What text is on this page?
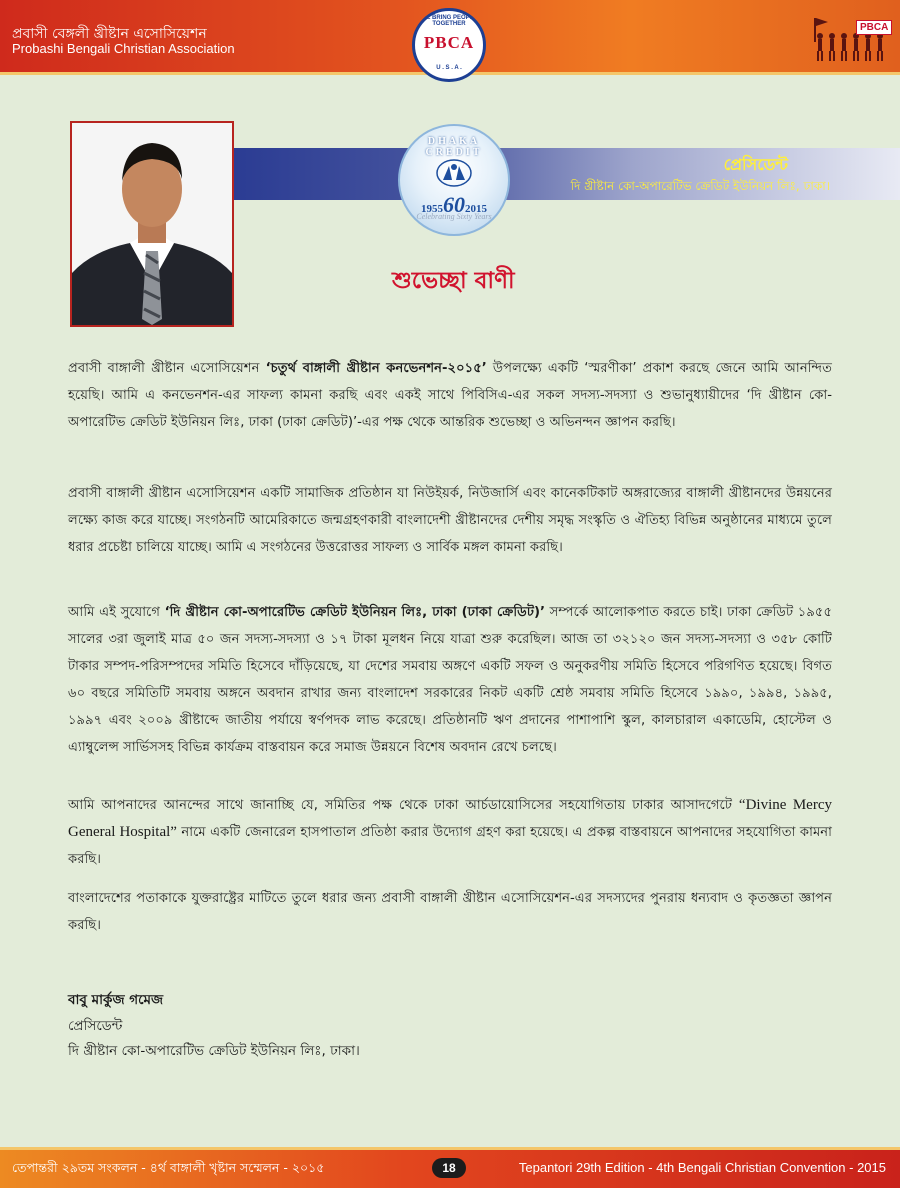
প্রবাসী বেঙ্গলী খ্রীষ্টান এসোসিয়েশন
Probashi Bengali Christian Association
WE BRING PEOPLE TOGETHER
PBCA
U . S . A .
PBCA
DHAKA CREDIT
1955602015
Celebrating Sixty Years
প্রেসিডেন্ট
দি খ্রীষ্টান কো-অপারেটিভ ক্রেডিট ইউনিয়ন লিঃ, ঢাকা।
শুভেচ্ছা বাণী

প্রবাসী বাঙ্গালী খ্রীষ্টান এসোসিয়েশন ‘চতুর্থ বাঙ্গালী খ্রীষ্টান কনভেনশন-২০১৫’ উপলক্ষ্যে একটি ‘স্মরণীকা’ প্রকাশ করছে জেনে আমি আনন্দিত হয়েছি। আমি এ কনভেনশন-এর সাফল্য কামনা করছি এবং একই সাথে পিবিসিএ-এর সকল সদস্য-সদস্যা ও শুভানুধ্যায়ীদের ‘দি খ্রীষ্টান কো-অপারেটিভ ক্রেডিট ইউনিয়ন লিঃ, ঢাকা (ঢাকা ক্রেডিট)’-এর পক্ষ থেকে আন্তরিক শুভেচ্ছা ও অভিনন্দন জ্ঞাপন করছি।

প্রবাসী বাঙ্গালী খ্রীষ্টান এসোসিয়েশন একটি সামাজিক প্রতিষ্ঠান যা নিউইয়র্ক, নিউজার্সি এবং কানেকটিকাট অঙ্গরাজ্যের বাঙ্গালী খ্রীষ্টানদের উন্নয়নের লক্ষ্যে কাজ করে যাচ্ছে। সংগঠনটি আমেরিকাতে জন্মগ্রহণকারী বাংলাদেশী খ্রীষ্টানদের দেশীয় সমৃদ্ধ সংস্কৃতি ও ঐতিহ্য বিভিন্ন অনুষ্ঠানের মাধ্যমে তুলে ধরার প্রচেষ্টা চালিয়ে যাচ্ছে। আমি এ সংগঠনের উত্তরোত্তর সাফল্য ও সার্বিক মঙ্গল কামনা করছি।

আমি এই সুযোগে ‘দি খ্রীষ্টান কো-অপারেটিভ ক্রেডিট ইউনিয়ন লিঃ, ঢাকা (ঢাকা ক্রেডিট)’ সম্পর্কে আলোকপাত করতে চাই। ঢাকা ক্রেডিট ১৯৫৫ সালের ৩রা জুলাই মাত্র ৫০ জন সদস্য-সদস্যা ও ১৭ টাকা মূলধন নিয়ে যাত্রা শুরু করেছিল। আজ তা ৩২১২০ জন সদস্য-সদস্যা ও ৩৫৮ কোটি টাকার সম্পদ-পরিসম্পদের সমিতি হিসেবে দাঁড়িয়েছে, যা দেশের সমবায় অঙ্গণে একটি সফল ও অনুকরণীয় সমিতি হিসেবে পরিগণিত হয়েছে। বিগত ৬০ বছরে সমিতিটি সমবায় অঙ্গনে অবদান রাখার জন্য বাংলাদেশ সরকারের নিকট একটি শ্রেষ্ঠ সমবায় সমিতি হিসেবে ১৯৯০, ১৯৯৪, ১৯৯৫, ১৯৯৭ এবং ২০০৯ খ্রীষ্টাব্দে জাতীয় পর্যায়ে স্বর্ণপদক লাভ করেছে। প্রতিষ্ঠানটি ঋণ প্রদানের পাশাপাশি স্কুল, কালচারাল একাডেমি, হোস্টেল ও এ্যাম্বুলেন্স সার্ভিসসহ বিভিন্ন কার্যক্রম বাস্তবায়ন করে সমাজ উন্নয়নে বিশেষ অবদান রেখে চলছে।

আমি আপনাদের আনন্দের সাথে জানাচ্ছি যে, সমিতির পক্ষ থেকে ঢাকা আর্চডায়োসিসের সহযোগিতায় ঢাকার আসাদগেটে “Divine Mercy General Hospital” নামে একটি জেনারেল হাসপাতাল প্রতিষ্ঠা করার উদ্যোগ গ্রহণ করা হয়েছে। এ প্রকল্প বাস্তবায়নে আপনাদের সহযোগিতা কামনা করছি।

বাংলাদেশের পতাকাকে যুক্তরাষ্ট্রের মাটিতে তুলে ধরার জন্য প্রবাসী বাঙ্গালী খ্রীষ্টান এসোসিয়েশন-এর সদস্যদের পুনরায় ধন্যবাদ ও কৃতজ্ঞতা জ্ঞাপন করছি।

বাবু মার্কুজ গমেজ
প্রেসিডেন্ট
দি খ্রীষ্টান কো-অপারেটিভ ক্রেডিট ইউনিয়ন লিঃ, ঢাকা।
তেপান্তরী ২৯তম সংকলন - ৪র্থ বাঙ্গালী খৃষ্টান সম্মেলন - ২০১৫	18	Tepantori 29th Edition - 4th Bengali Christian Convention - 2015
